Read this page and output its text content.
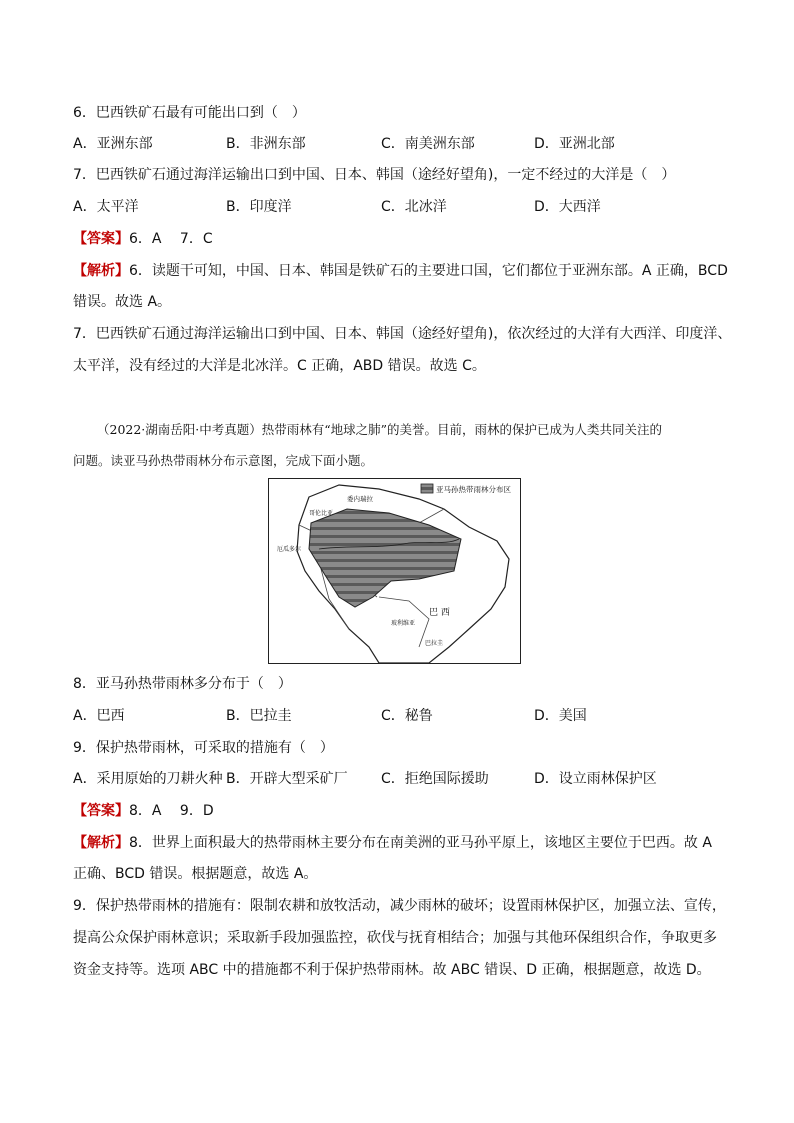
6．巴西铁矿石最有可能出口到（　）
A．亚洲东部	B．非洲东部	C．南美洲东部	D．亚洲北部
7．巴西铁矿石通过海洋运输出口到中国、日本、韩国（途经好望角)，一定不经过的大洋是（　）
A．太平洋	B．印度洋	C．北冰洋	D．大西洋
【答案】6．A　 7．C
【解析】6．读题干可知，中国、日本、韩国是铁矿石的主要进口国，它们都位于亚洲东部。A 正确，BCD
错误。故选 A。
7．巴西铁矿石通过海洋运输出口到中国、日本、韩国（途经好望角)，依次经过的大洋有大西洋、印度洋、
太平洋，没有经过的大洋是北冰洋。C 正确，ABD 错误。故选 C。
（2022·湖南岳阳·中考真题）热带雨林有“地球之肺”的美誉。目前，雨林的保护已成为人类共同关注的
问题。读亚马孙热带雨林分布示意图，完成下面小题。
亚马孙热带雨林分布区
巴 西
委内瑞拉
哥伦比亚
厄瓜多尔
玻利维亚
巴拉圭
8．亚马孙热带雨林多分布于（　）
A．巴西	B．巴拉圭	C．秘鲁	D．美国
9．保护热带雨林，可采取的措施有（　）
A．采用原始的刀耕火种 B．开辟大型采矿厂 C．拒绝国际援助	D．设立雨林保护区
【答案】8．A　 9．D
【解析】8．世界上面积最大的热带雨林主要分布在南美洲的亚马孙平原上，该地区主要位于巴西。故 A
正确、BCD 错误。根据题意，故选 A。
9．保护热带雨林的措施有：限制农耕和放牧活动，减少雨林的破坏；设置雨林保护区，加强立法、宣传，
提高公众保护雨林意识；采取新手段加强监控，砍伐与抚育相结合；加强与其他环保组织合作，争取更多
资金支持等。选项 ABC 中的措施都不利于保护热带雨林。故 ABC 错误、D 正确，根据题意，故选 D。
